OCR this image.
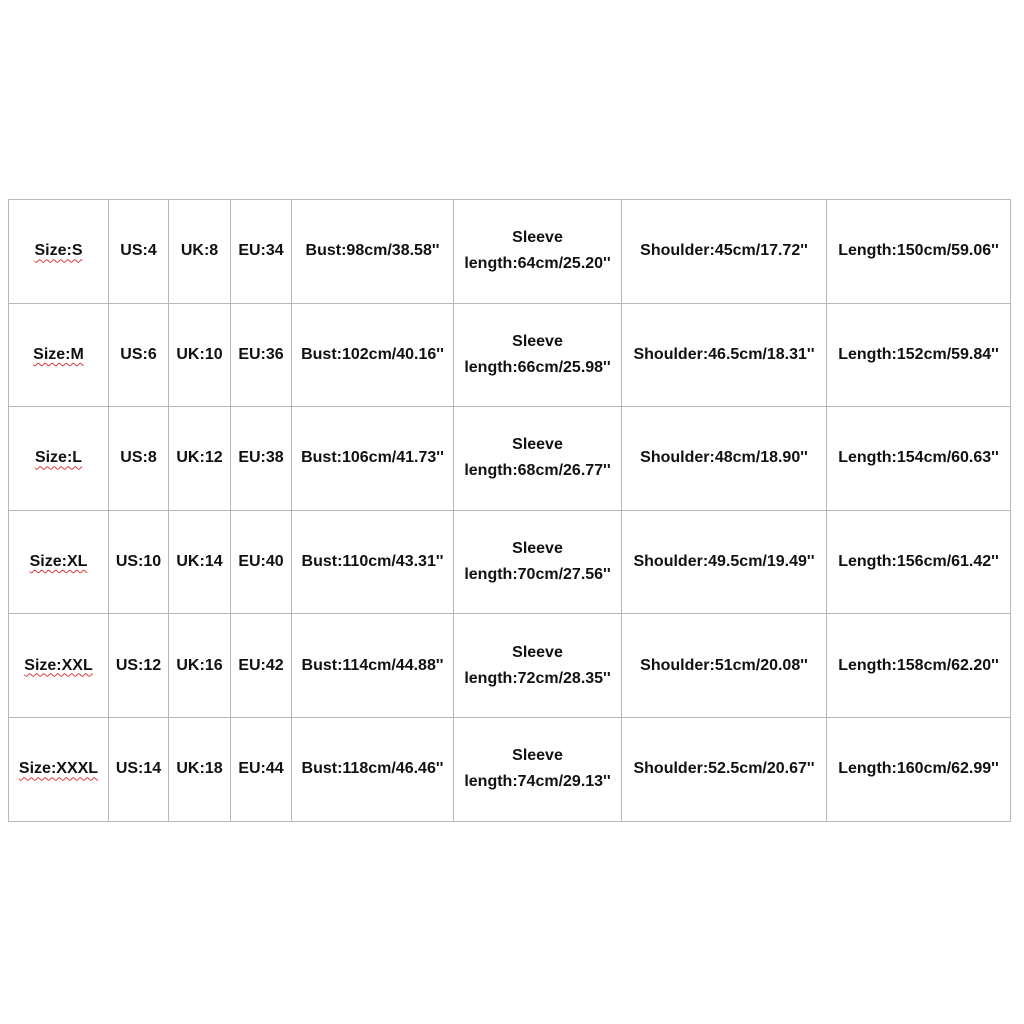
Size:S	US:4	UK:8	EU:34	Bust:98cm/38.58''	Sleeve
length:64cm/25.20''	Shoulder:45cm/17.72''	Length:150cm/59.06''
Size:M	US:6	UK:10	EU:36	Bust:102cm/40.16''	Sleeve
length:66cm/25.98''	Shoulder:46.5cm/18.31''	Length:152cm/59.84''
Size:L	US:8	UK:12	EU:38	Bust:106cm/41.73''	Sleeve
length:68cm/26.77''	Shoulder:48cm/18.90''	Length:154cm/60.63''
Size:XL	US:10	UK:14	EU:40	Bust:110cm/43.31''	Sleeve
length:70cm/27.56''	Shoulder:49.5cm/19.49''	Length:156cm/61.42''
Size:XXL	US:12	UK:16	EU:42	Bust:114cm/44.88''	Sleeve
length:72cm/28.35''	Shoulder:51cm/20.08''	Length:158cm/62.20''
Size:XXXL	US:14	UK:18	EU:44	Bust:118cm/46.46''	Sleeve
length:74cm/29.13''	Shoulder:52.5cm/20.67''	Length:160cm/62.99''
